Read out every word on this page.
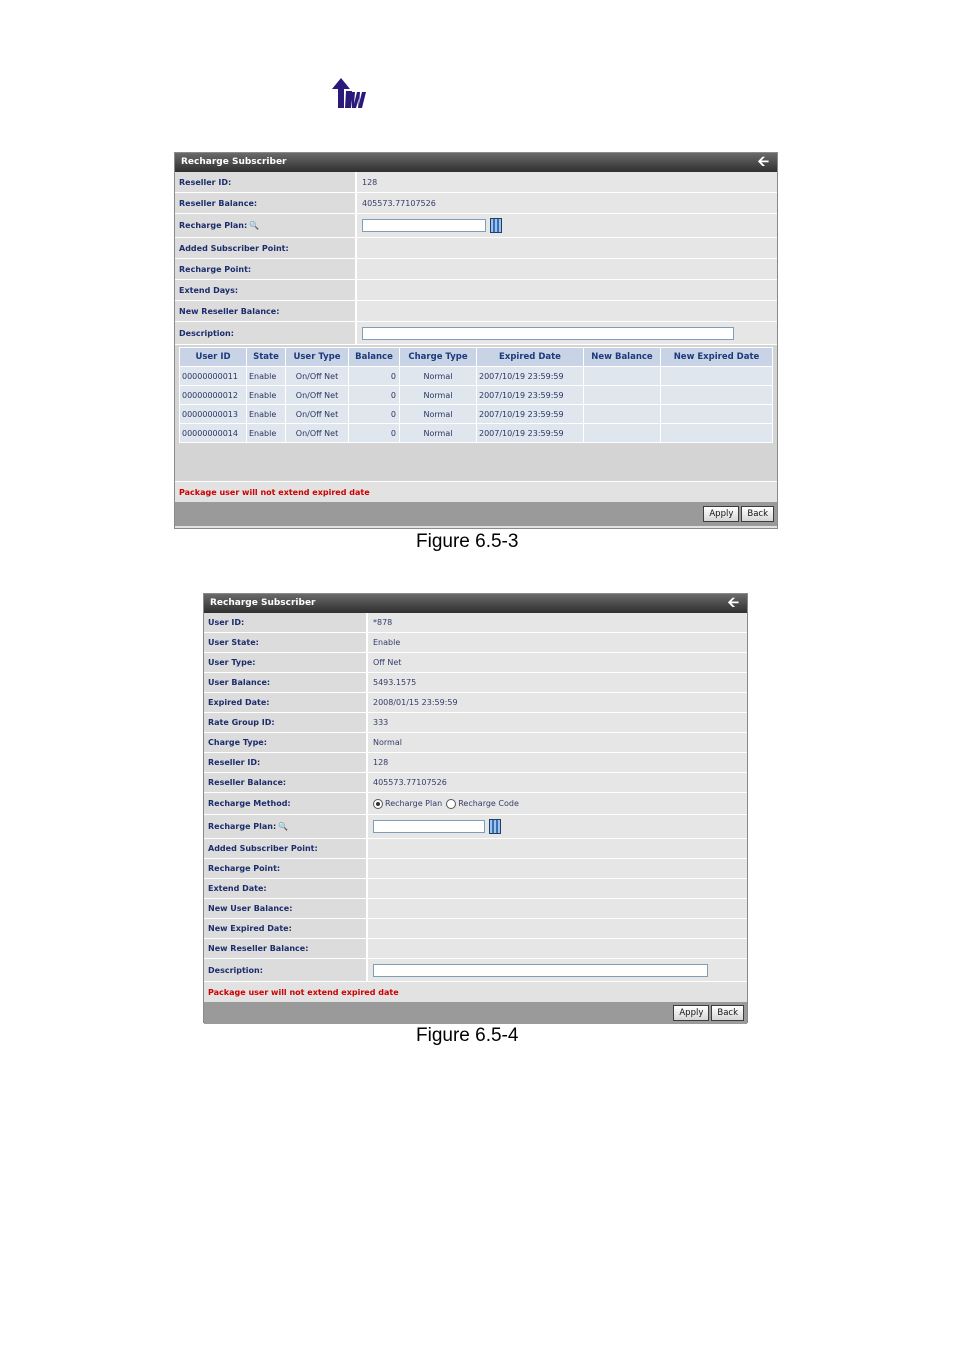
Recharge Subscriber	🡨
Reseller ID:	128
Reseller Balance:	405573.77107526
Recharge Plan: 🔍
Added Subscriber Point:
Recharge Point:
Extend Days:
New Reseller Balance:
Description:
User ID	State	User Type	Balance	Charge Type	Expired Date	New Balance	New Expired Date
00000000011	Enable	On/Off Net	0	Normal	2007/10/19 23:59:59		
00000000012	Enable	On/Off Net	0	Normal	2007/10/19 23:59:59		
00000000013	Enable	On/Off Net	0	Normal	2007/10/19 23:59:59		
00000000014	Enable	On/Off Net	0	Normal	2007/10/19 23:59:59		
Package user will not extend expired date
Apply	Back
Figure 6.5-3
Recharge Subscriber	🡨
User ID:	*878
User State:	Enable
User Type:	Off Net
User Balance:	5493.1575
Expired Date:	2008/01/15 23:59:59
Rate Group ID:	333
Charge Type:	Normal
Reseller ID:	128
Reseller Balance:	405573.77107526
Recharge Method:	Recharge Plan Recharge Code
Recharge Plan: 🔍
Added Subscriber Point:
Recharge Point:
Extend Date:
New User Balance:
New Expired Date:
New Reseller Balance:
Description:
Package user will not extend expired date
Apply	Back
Figure 6.5-4
